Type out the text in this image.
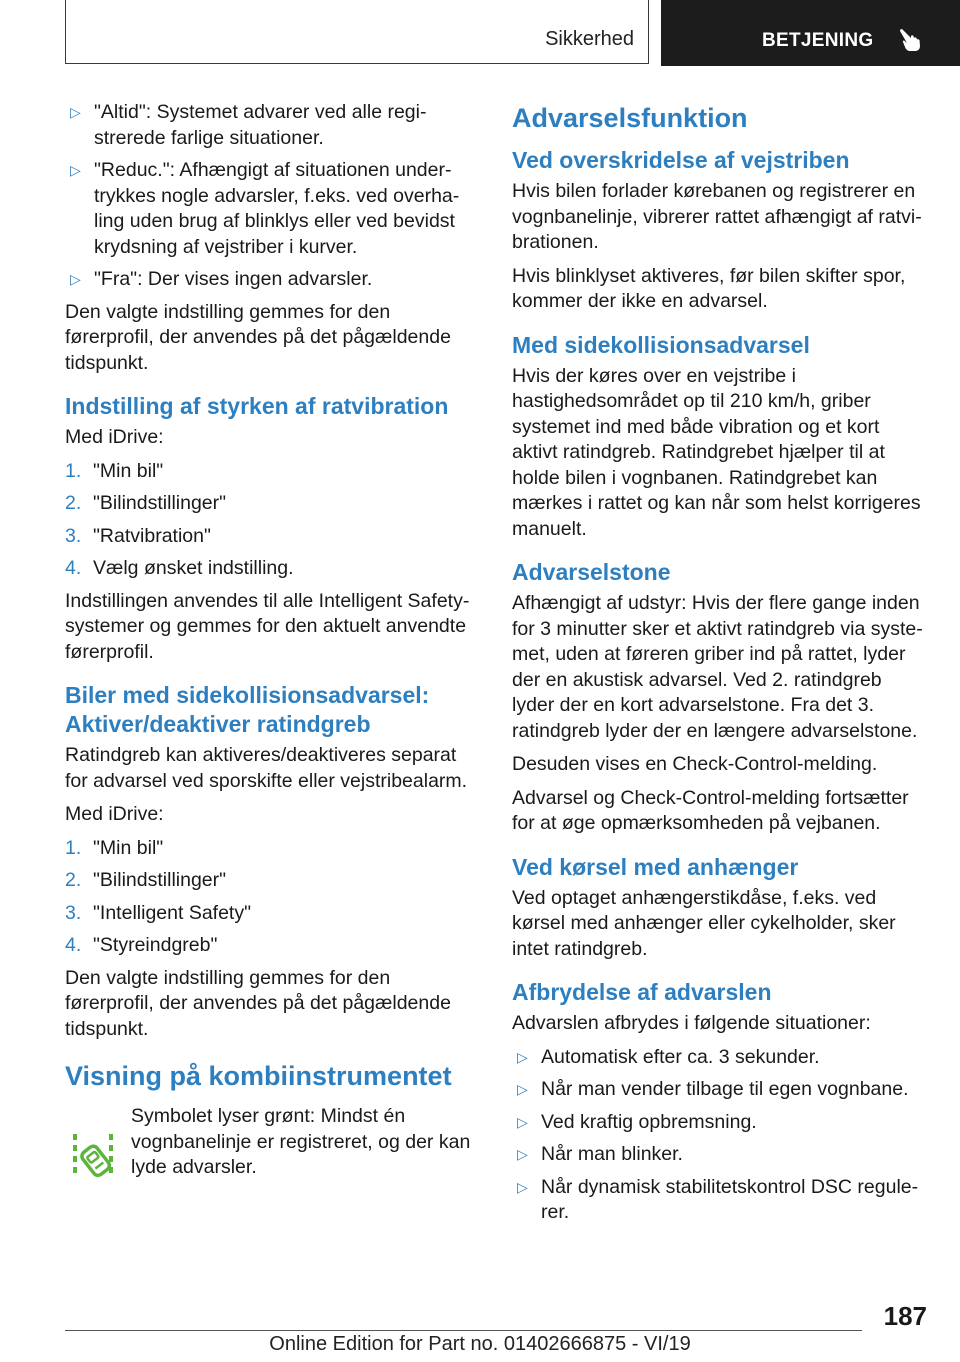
Sikkerhed	BETJENING
▷ "Altid": Systemet advarer ved alle registrerede farlige situationer.
▷ "Reduc.": Afhængigt af situationen undertrykkes nogle advarsler, f.eks. ved overhaling uden brug af blinklys eller ved bevidst krydsning af vejstriber i kurver.
▷ "Fra": Der vises ingen advarsler.

Den valgte indstilling gemmes for den førerprofil, der anvendes på det pågældende tidspunkt.

Indstilling af styrken af ratvibration

Med iDrive:

1. "Min bil"
2. "Bilindstillinger"
3. "Ratvibration"
4. Vælg ønsket indstilling.

Indstillingen anvendes til alle Intelligent Safety-systemer og gemmes for den aktuelt anvendte førerprofil.

Biler med sidekollisionsadvarsel: Aktiver/deaktiver ratindgreb

Ratindgreb kan aktiveres/deaktiveres separat for advarsel ved sporskifte eller vejstribealarm.

Med iDrive:

1. "Min bil"
2. "Bilindstillinger"
3. "Intelligent Safety"
4. "Styreindgreb"

Den valgte indstilling gemmes for den førerprofil, der anvendes på det pågældende tidspunkt.

Visning på kombiinstrumentet

Symbolet lyser grønt: Mindst én vognbanelinje er registreret, og der kan lyde advarsler.

Advarselsfunktion
Ved overskridelse af vejstriben

Hvis bilen forlader kørebanen og registrerer en vognbanelinje, vibrerer rattet afhængigt af ratvibrationen.

Hvis blinklyset aktiveres, før bilen skifter spor, kommer der ikke en advarsel.

Med sidekollisionsadvarsel

Hvis der køres over en vejstribe i hastighedsområdet op til 210 km/h, griber systemet ind med både vibration og et kort aktivt ratindgreb. Ratindgrebet hjælper til at holde bilen i vognbanen. Ratindgrebet kan mærkes i rattet og kan når som helst korrigeres manuelt.

Advarselstone

Afhængigt af udstyr: Hvis der flere gange inden for 3 minutter sker et aktivt ratindgreb via systemet, uden at føreren griber ind på rattet, lyder der en akustisk advarsel. Ved 2. ratindgreb lyder der en kort advarselstone. Fra det 3. ratindgreb lyder der en længere advarselstone.

Desuden vises en Check-Control-melding.

Advarsel og Check-Control-melding fortsætter for at øge opmærksomheden på vejbanen.

Ved kørsel med anhænger

Ved optaget anhængerstikdåse, f.eks. ved kørsel med anhænger eller cykelholder, sker intet ratindgreb.

Afbrydelse af advarslen

Advarslen afbrydes i følgende situationer:

▷ Automatisk efter ca. 3 sekunder.
▷ Når man vender tilbage til egen vognbane.
▷ Ved kraftig opbremsning.
▷ Når man blinker.
▷ Når dynamisk stabilitetskontrol DSC regulerer.
187
Online Edition for Part no. 01402666875 - VI/19
